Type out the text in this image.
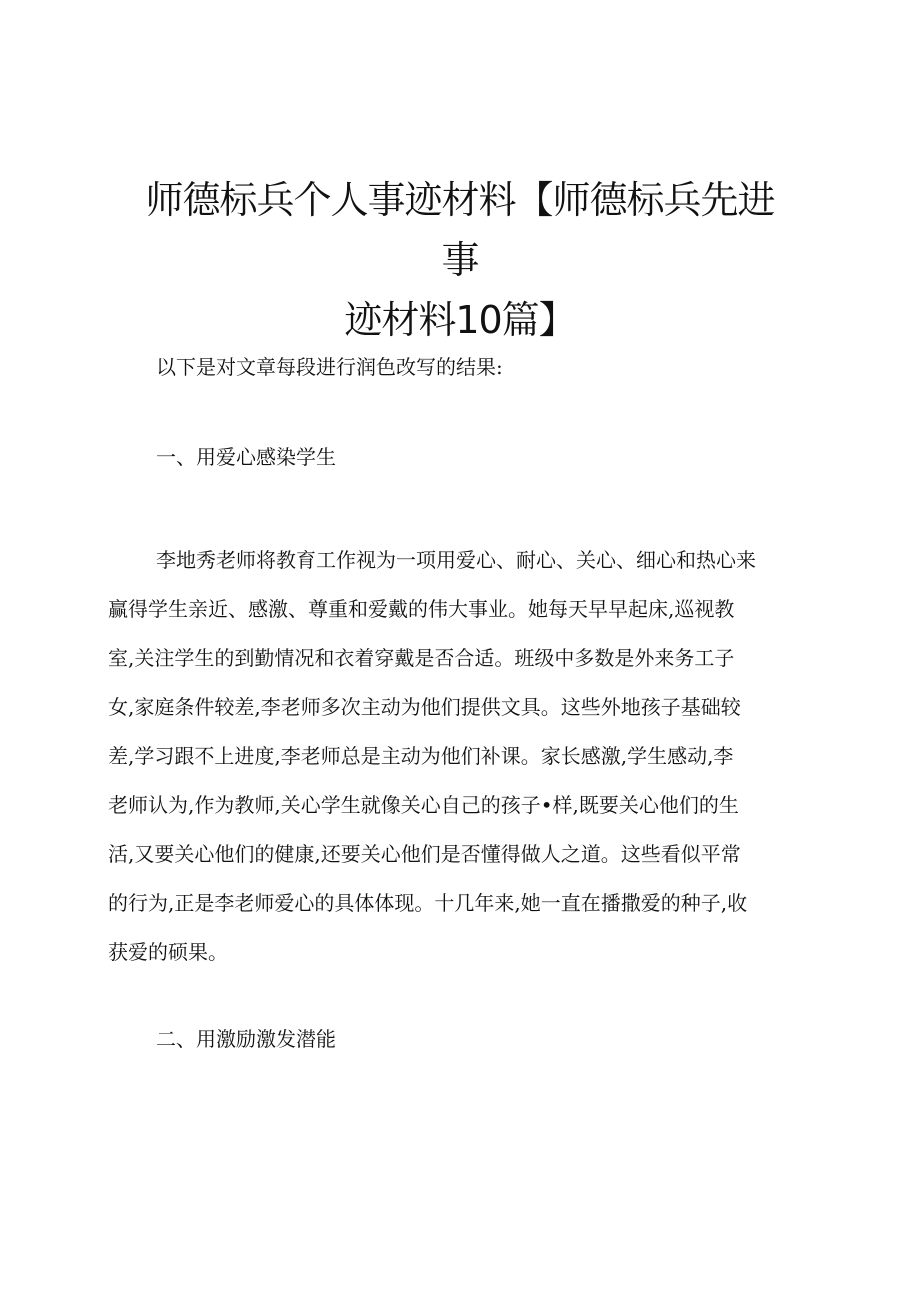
师德标兵个人事迹材料【师德标兵先进事
迹材料10篇】

以下是对文章每段进行润色改写的结果:

一、用爱心感染学生
李地秀老师将教育工作视为一项用爱心、耐心、关心、细心和热心来
赢得学生亲近、感激、尊重和爱戴的伟大事业。她每天早早起床,巡视教
室,关注学生的到勤情况和衣着穿戴是否合适。班级中多数是外来务工子
女,家庭条件较差,李老师多次主动为他们提供文具。这些外地孩子基础较
差,学习跟不上进度,李老师总是主动为他们补课。家长感激,学生感动,李
老师认为,作为教师,关心学生就像关心自己的孩子•样,既要关心他们的生
活,又要关心他们的健康,还要关心他们是否懂得做人之道。这些看似平常
的行为,正是李老师爱心的具体体现。十几年来,她一直在播撒爱的种子,收
获爱的硕果。
二、用激励激发潜能
